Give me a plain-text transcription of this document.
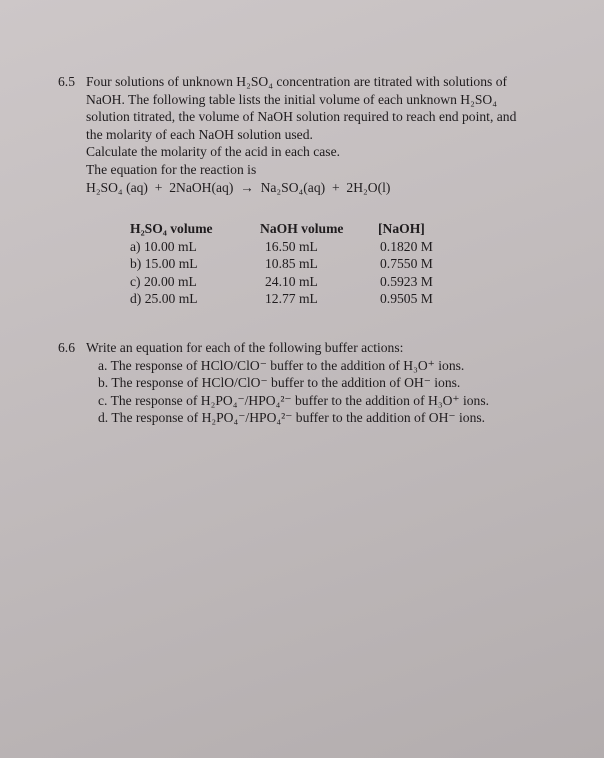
6.5 Four solutions of unknown H₂SO₄ concentration are titrated with solutions of
NaOH. The following table lists the initial volume of each unknown H₂SO₄
solution titrated, the volume of NaOH solution required to reach end point, and
the molarity of each NaOH solution used.
Calculate the molarity of the acid in each case.
The equation for the reaction is
H₂SO₄ (aq)  +  2NaOH(aq)  →  Na₂SO₄(aq)  +  2H₂O(l)
H₂SO₄ volume
a) 10.00 mL
b) 15.00 mL
c) 20.00 mL
d) 25.00 mL
NaOH volume
16.50 mL
10.85 mL
24.10 mL
12.77 mL
[NaOH]
0.1820 M
0.7550 M
0.5923 M
0.9505 M
6.6 Write an equation for each of the following buffer actions:
a. The response of HClO/ClO⁻ buffer to the addition of H₃O⁺ ions.
b. The response of HClO/ClO⁻ buffer to the addition of OH⁻ ions.
c. The response of H₂PO₄⁻/HPO₄²⁻ buffer to the addition of H₃O⁺ ions.
d. The response of H₂PO₄⁻/HPO₄²⁻ buffer to the addition of OH⁻ ions.
